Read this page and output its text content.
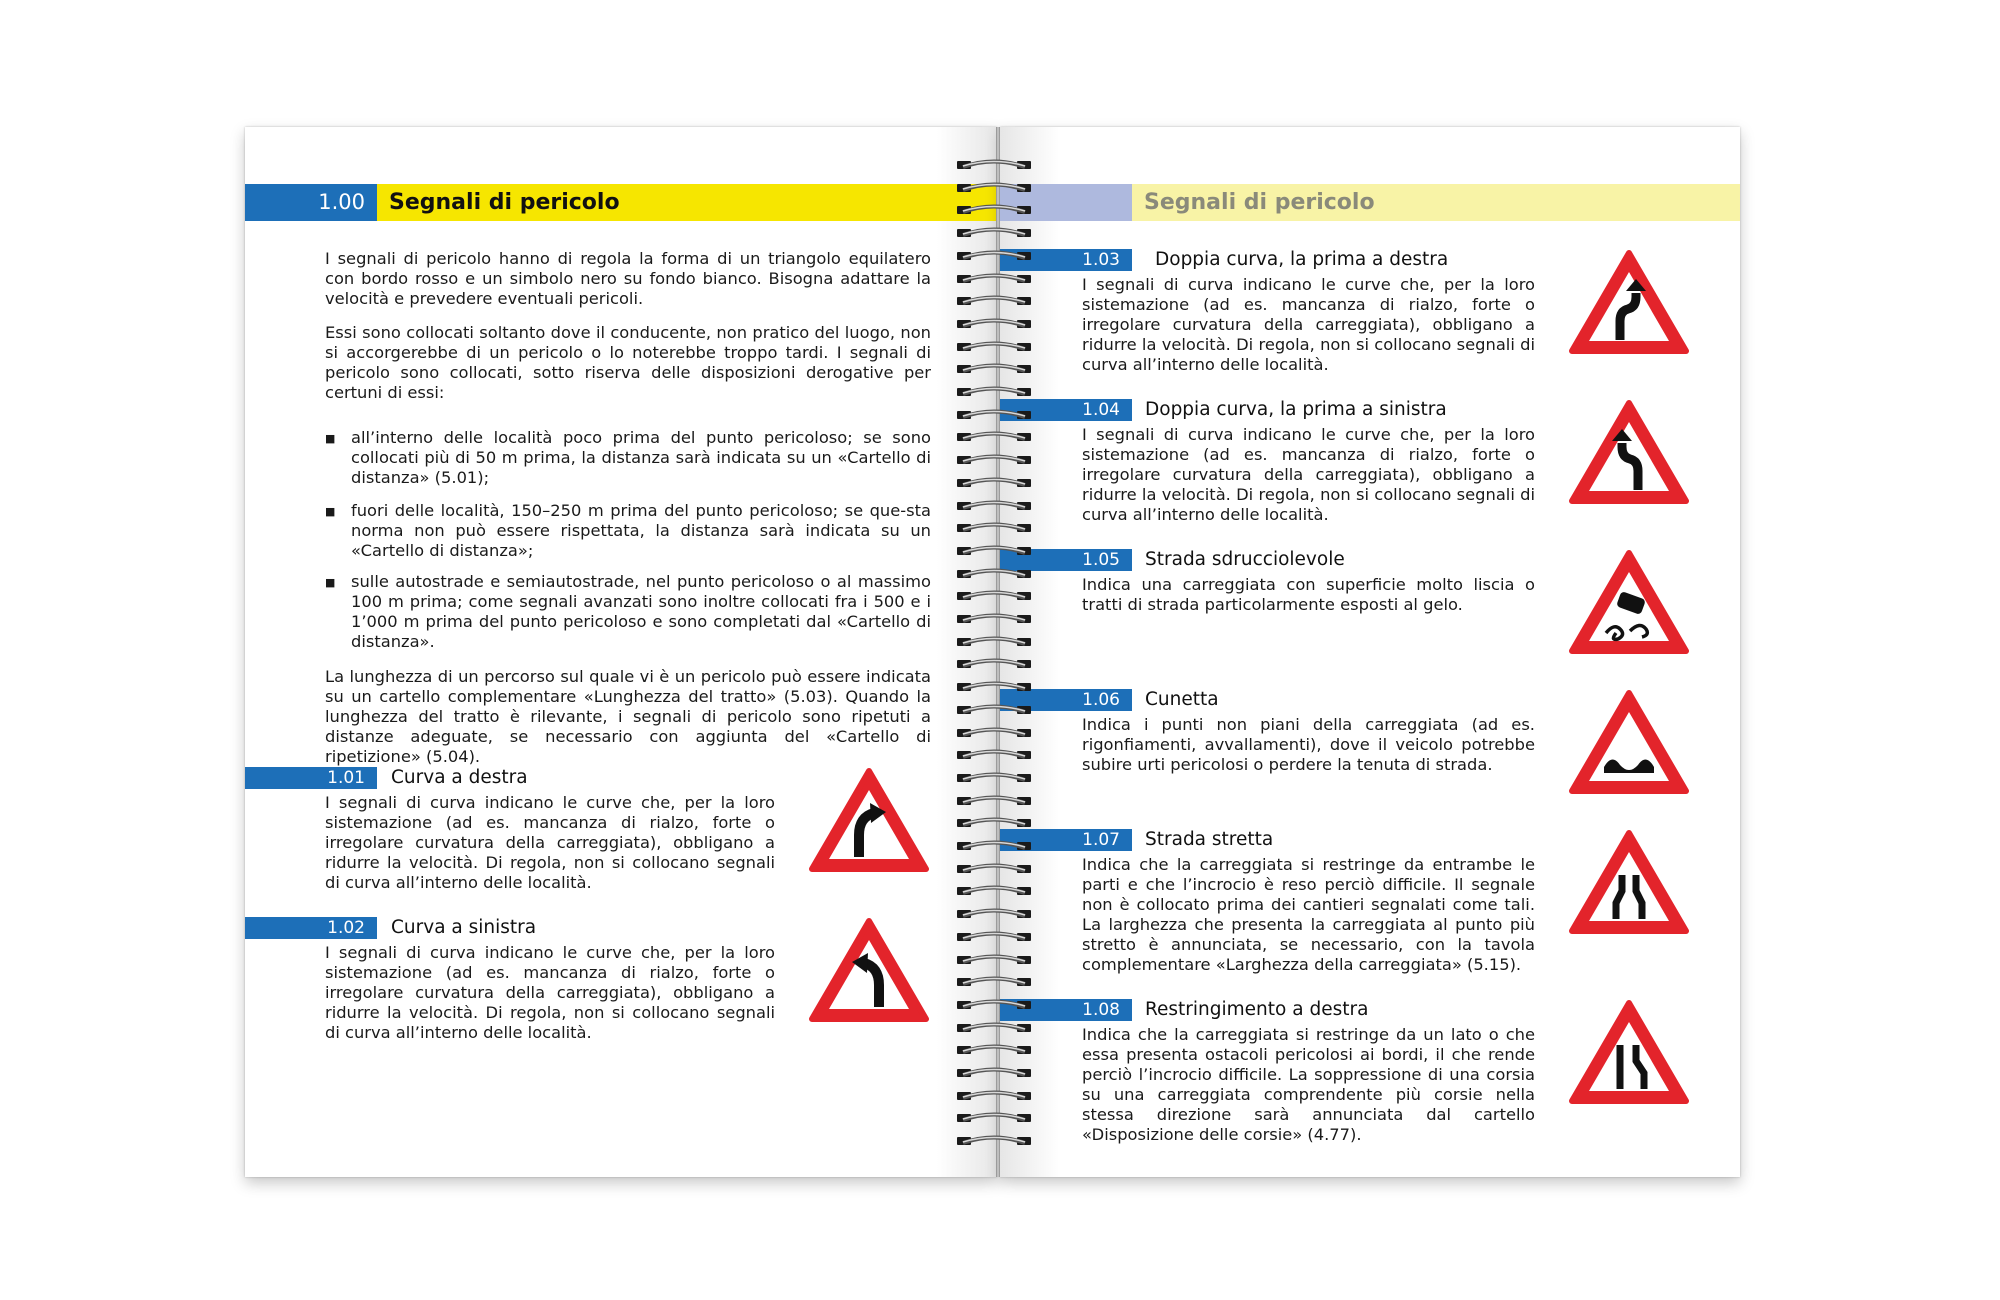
1.00	Segnali di pericolo

I segnali di pericolo hanno di regola la forma di un triangolo equilatero con bordo rosso e un simbolo nero su fondo bianco. Bisogna adattare la velocità e prevedere eventuali pericoli.

Essi sono collocati soltanto dove il conducente, non pratico del luogo, non si accorgerebbe di un pericolo o lo noterebbe troppo tardi. I segnali di pericolo sono collocati, sotto riserva delle disposizioni derogative per certuni di essi:

■ all’interno delle località poco prima del punto pericoloso; se sono collocati più di 50 m prima, la distanza sarà indicata su un «Cartello di distanza» (5.01);

■ fuori delle località, 150–250 m prima del punto pericoloso; se que-sta norma non può essere rispettata, la distanza sarà indicata su un «Cartello di distanza»;

■ sulle autostrade e semiautostrade, nel punto pericoloso o al massimo 100 m prima; come segnali avanzati sono inoltre collocati fra i 500 e i 1’000 m prima del punto pericoloso e sono completati dal «Cartello di distanza».

La lunghezza di un percorso sul quale vi è un pericolo può essere indicata su un cartello complementare «Lunghezza del tratto» (5.03). Quando la lunghezza del tratto è rilevante, i segnali di pericolo sono ripetuti a distanze adeguate, se necessario con aggiunta del «Cartello di ripetizione» (5.04).

1.01	Curva a destra

I segnali di curva indicano le curve che, per la loro sistemazione (ad es. mancanza di rialzo, forte o irregolare curvatura della carreggiata), obbligano a ridurre la velocità. Di regola, non si collocano segnali di curva all’interno delle località.

1.02	Curva a sinistra

I segnali di curva indicano le curve che, per la loro sistemazione (ad es. mancanza di rialzo, forte o irregolare curvatura della carreggiata), obbligano a ridurre la velocità. Di regola, non si collocano segnali di curva all’interno delle località.

Segnali di pericolo
1.03	Doppia curva, la prima a destra

I segnali di curva indicano le curve che, per la loro sistemazione (ad es. mancanza di rialzo, forte o irregolare curvatura della carreggiata), obbligano a ridurre la velocità. Di regola, non si collocano segnali di curva all’interno delle località.

1.04	Doppia curva, la prima a sinistra

I segnali di curva indicano le curve che, per la loro sistemazione (ad es. mancanza di rialzo, forte o irregolare curvatura della carreggiata), obbligano a ridurre la velocità. Di regola, non si collocano segnali di curva all’interno delle località.

1.05	Strada sdrucciolevole

Indica una carreggiata con superficie molto liscia o tratti di strada particolarmente esposti al gelo.

1.06	Cunetta

Indica i punti non piani della carreggiata (ad es. rigonfiamenti, avvallamenti), dove il veicolo potrebbe subire urti pericolosi o perdere la tenuta di strada.

1.07	Strada stretta

Indica che la carreggiata si restringe da entrambe le parti e che l’incrocio è reso perciò difficile. Il segnale non è collocato prima dei cantieri segnalati come tali. La larghezza che presenta la carreggiata al punto più stretto è annunciata, se necessario, con la tavola complementare «Larghezza della carreggiata» (5.15).

1.08	Restringimento a destra

Indica che la carreggiata si restringe da un lato o che essa presenta ostacoli pericolosi ai bordi, il che rende perciò l’incrocio difficile. La soppressione di una corsia su una carreggiata comprendente più corsie nella stessa direzione sarà annunciata dal cartello «Disposizione delle corsie» (4.77).
